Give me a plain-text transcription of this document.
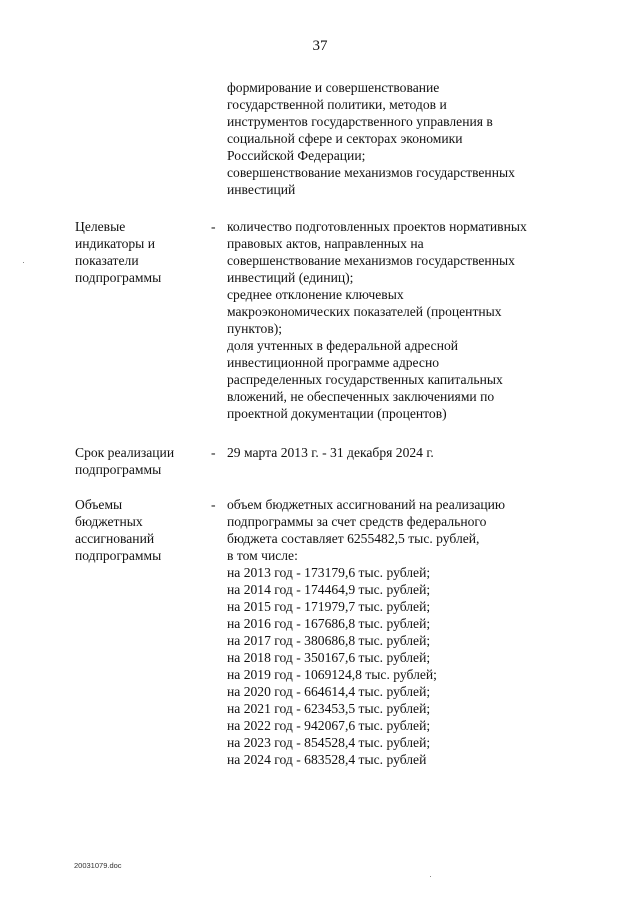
37
формирование и совершенствование
государственной политики, методов и
инструментов государственного управления в
социальной сфере и секторах экономики
Российской Федерации;
совершенствование механизмов государственных
инвестиций
Целевые
индикаторы и
показатели
подпрограммы
- количество подготовленных проектов нормативных
правовых актов, направленных на
совершенствование механизмов государственных
инвестиций (единиц);
среднее отклонение ключевых
макроэкономических показателей (процентных
пунктов);
доля учтенных в федеральной адресной
инвестиционной программе адресно
распределенных государственных капитальных
вложений, не обеспеченных заключениями по
проектной документации (процентов)
Срок реализации
подпрограммы
- 29 марта 2013 г. - 31 декабря 2024 г.
Объемы
бюджетных
ассигнований
подпрограммы
- объем бюджетных ассигнований на реализацию
подпрограммы за счет средств федерального
бюджета составляет 6255482,5 тыс. рублей,
в том числе:
на 2013 год - 173179,6 тыс. рублей;
на 2014 год - 174464,9 тыс. рублей;
на 2015 год - 171979,7 тыс. рублей;
на 2016 год - 167686,8 тыс. рублей;
на 2017 год - 380686,8 тыс. рублей;
на 2018 год - 350167,6 тыс. рублей;
на 2019 год - 1069124,8 тыс. рублей;
на 2020 год - 664614,4 тыс. рублей;
на 2021 год - 623453,5 тыс. рублей;
на 2022 год - 942067,6 тыс. рублей;
на 2023 год - 854528,4 тыс. рублей;
на 2024 год - 683528,4 тыс. рублей
20031079.doc
